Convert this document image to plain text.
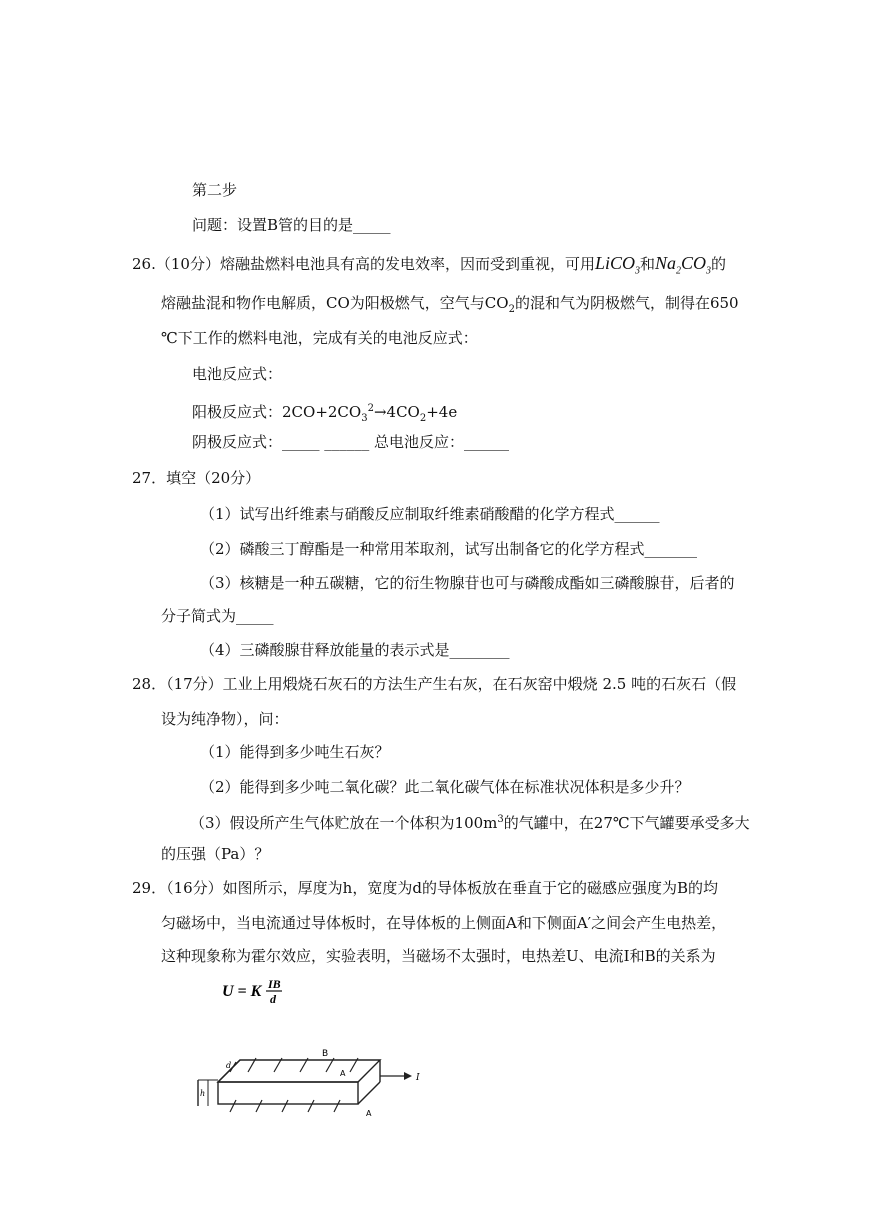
第二步
问题：设置B管的目的是_____
26.（10分）熔融盐燃料电池具有高的发电效率，因而受到重视，可用LiCO$_3$和$Na_2CO_3$的
熔融盐混和物作电解质，CO为阳极燃气，空气与$CO_2$的混和气为阴极燃气，制得在650
℃下工作的燃料电池，完成有关的电池反应式：
电池反应式：
阳极反应式：$2CO+2CO_3^2\to 4CO_2+4e$
阴极反应式：_____ ______ 总电池反应：______
27．填空（20分）
（1）试写出纤维素与硝酸反应制取纤维素硝酸醋的化学方程式______
（2）磷酸三丁醇酯是一种常用苯取剂，试写出制备它的化学方程式_______
（3）核糖是一种五碳糖，它的衍生物腺苷也可与磷酸成酯如三磷酸腺苷，后者的
分子简式为_____
（4）三磷酸腺苷释放能量的表示式是________
28．（17分）工业上用煅烧石灰石的方法生产生右灰，在石灰窑中煅烧 2.5 吨的石灰石（假
设为纯净物），问：
（1）能得到多少吨生石灰？
（2）能得到多少吨二氧化碳？此二氧化碳气体在标准状况体积是多少升？
（3）假设所产生气体贮放在一个体积为$100m^3$的气罐中，在27℃下气罐要承受多大
的压强（Pa）？
29．（16分）如图所示，厚度为h，宽度为d的导体板放在垂直于它的磁感应强度为B的均
匀磁场中，当电流通过导体板时，在导体板的上侧面A和下侧面A′之间会产生电热差，
这种现象称为霍尔效应，实验表明，当磁场不太强时，电热差U、电流I和B的关系为
U = K IB
d
B
A
A
I
d
h
